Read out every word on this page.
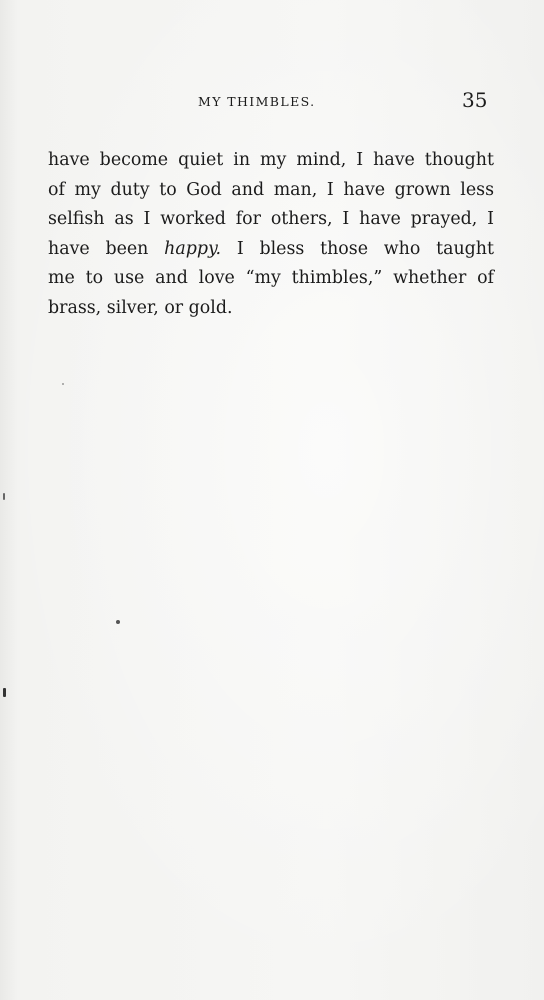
MY THIMBLES.	35

have become quiet in my mind, I have thought
of my duty to God and man, I have grown less
selfish as I worked for others, I have prayed, I
have been happy. I bless those who taught
me to use and love “my thimbles,” whether of
brass, silver, or gold.
